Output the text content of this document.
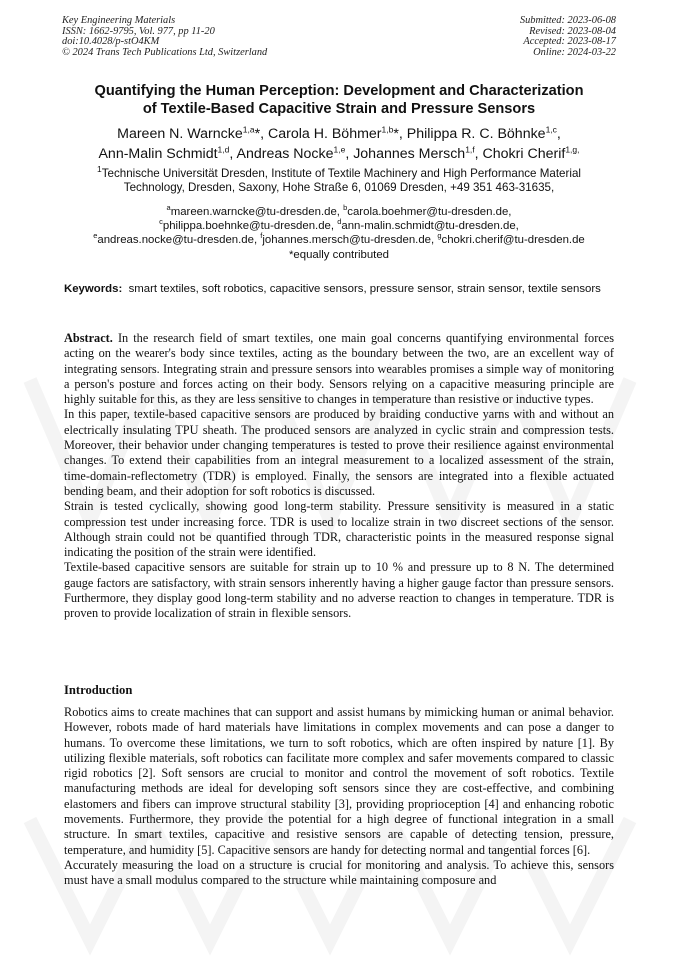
Key Engineering Materials
ISSN: 1662-9795, Vol. 977, pp 11-20
doi:10.4028/p-stO4KM
© 2024 Trans Tech Publications Ltd, Switzerland
Submitted: 2023-06-08
Revised: 2023-08-04
Accepted: 2023-08-17
Online: 2024-03-22
Quantifying the Human Perception: Development and Characterization
of Textile-Based Capacitive Strain and Pressure Sensors
Mareen N. Warncke$^{1,a}$*, Carola H. Böhmer$^{1,b}$*, Philippa R. C. Böhnke$^{1,c}$,
Ann-Malin Schmidt$^{1,d}$, Andreas Nocke$^{1,e}$, Johannes Mersch$^{1,f}$, Chokri Cherif$^{1,g,}$
$^1$Technische Universität Dresden, Institute of Textile Machinery and High Performance Material
Technology, Dresden, Saxony, Hohe Straße 6, 01069 Dresden, +49 351 463-31635,
$^a$mareen.warncke@tu-dresden.de, $^b$carola.boehmer@tu-dresden.de,
$^c$philippa.boehnke@tu-dresden.de, $^d$ann-malin.schmidt@tu-dresden.de,
$^e$andreas.nocke@tu-dresden.de, $^f$johannes.mersch@tu-dresden.de, $^g$chokri.cherif@tu-dresden.de
*equally contributed
Keywords: smart textiles, soft robotics, capacitive sensors, pressure sensor, strain sensor, textile sensors

Abstract. In the research field of smart textiles, one main goal concerns quantifying environmental forces acting on the wearer's body since textiles, acting as the boundary between the two, are an excellent way of integrating sensors. Integrating strain and pressure sensors into wearables promises a simple way of monitoring a person's posture and forces acting on their body. Sensors relying on a capacitive measuring principle are highly suitable for this, as they are less sensitive to changes in temperature than resistive or inductive types.

In this paper, textile-based capacitive sensors are produced by braiding conductive yarns with and without an electrically insulating TPU sheath. The produced sensors are analyzed in cyclic strain and compression tests. Moreover, their behavior under changing temperatures is tested to prove their resilience against environmental changes. To extend their capabilities from an integral measurement to a localized assessment of the strain, time-domain-reflectometry (TDR) is employed. Finally, the sensors are integrated into a flexible actuated bending beam, and their adoption for soft robotics is discussed.

Strain is tested cyclically, showing good long-term stability. Pressure sensitivity is measured in a static compression test under increasing force. TDR is used to localize strain in two discreet sections of the sensor. Although strain could not be quantified through TDR, characteristic points in the measured response signal indicating the position of the strain were identified.

Textile-based capacitive sensors are suitable for strain up to 10 % and pressure up to 8 N. The determined gauge factors are satisfactory, with strain sensors inherently having a higher gauge factor than pressure sensors. Furthermore, they display good long-term stability and no adverse reaction to changes in temperature. TDR is proven to provide localization of strain in flexible sensors.

Introduction

Robotics aims to create machines that can support and assist humans by mimicking human or animal behavior. However, robots made of hard materials have limitations in complex movements and can pose a danger to humans. To overcome these limitations, we turn to soft robotics, which are often inspired by nature [1]. By utilizing flexible materials, soft robotics can facilitate more complex and safer movements compared to classic rigid robotics [2]. Soft sensors are crucial to monitor and control the movement of soft robotics. Textile manufacturing methods are ideal for developing soft sensors since they are cost-effective, and combining elastomers and fibers can improve structural stability [3], providing proprioception [4] and enhancing robotic movements. Furthermore, they provide the potential for a high degree of functional integration in a small structure. In smart textiles, capacitive and resistive sensors are capable of detecting tension, pressure, temperature, and humidity [5]. Capacitive sensors are handy for detecting normal and tangential forces [6].

Accurately measuring the load on a structure is crucial for monitoring and analysis. To achieve this, sensors must have a small modulus compared to the structure while maintaining composure and
